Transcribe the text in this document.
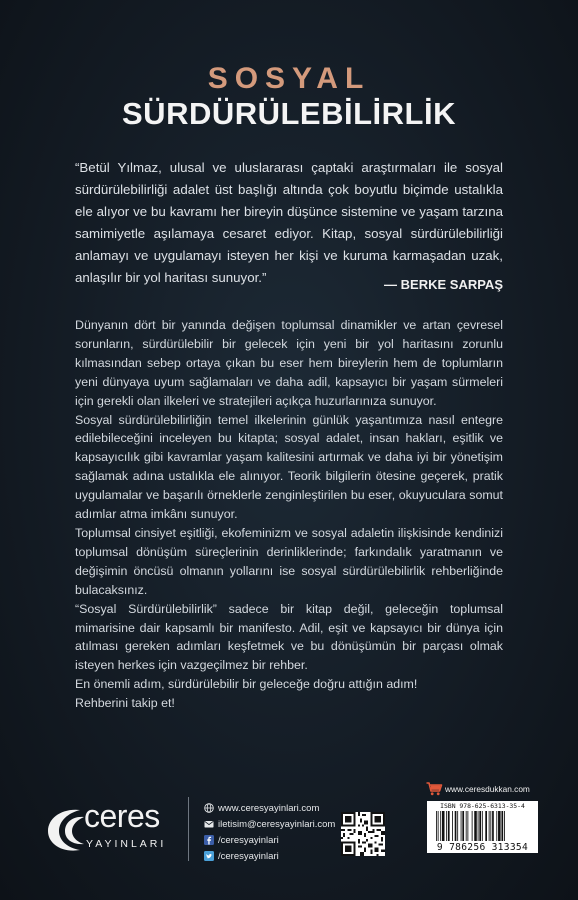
SOSYAL
SÜRDÜRÜLEBİLİRLİK
“Betül Yılmaz, ulusal ve uluslararası çaptaki araştırmaları ile sosyal sürdürülebilirliği adalet üst başlığı altında çok boyutlu biçimde ustalıkla ele alıyor ve bu kavramı her bireyin düşünce sistemine ve yaşam tarzına samimiyetle aşılamaya cesaret ediyor. Kitap, sosyal sürdürülebilirliği anlamayı ve uygulamayı isteyen her kişi ve kuruma karmaşadan uzak, anlaşılır bir yol haritası sunuyor.”	— BERKE SARPAŞ

Dünyanın dört bir yanında değişen toplumsal dinamikler ve artan çevresel sorunların, sürdürülebilir bir gelecek için yeni bir yol haritasını zorunlu kılmasından sebep ortaya çıkan bu eser hem bireylerin hem de toplumların yeni dünyaya uyum sağlamaları ve daha adil, kapsayıcı bir yaşam sürmeleri için gerekli olan ilkeleri ve stratejileri açıkça huzurlarınıza sunuyor.

Sosyal sürdürülebilirliğin temel ilkelerinin günlük yaşantımıza nasıl entegre edilebileceğini inceleyen bu kitapta; sosyal adalet, insan hakları, eşitlik ve kapsayıcılık gibi kavramlar yaşam kalitesini artırmak ve daha iyi bir yönetişim sağlamak adına ustalıkla ele alınıyor. Teorik bilgilerin ötesine geçerek, pratik uygulamalar ve başarılı örneklerle zenginleştirilen bu eser, okuyuculara somut adımlar atma imkânı sunuyor.

Toplumsal cinsiyet eşitliği, ekofeminizm ve sosyal adaletin ilişkisinde kendinizi toplumsal dönüşüm süreçlerinin derinliklerinde; farkındalık yaratmanın ve değişimin öncüsü olmanın yollarını ise sosyal sürdürülebilirlik rehberliğinde bulacaksınız.

“Sosyal Sürdürülebilirlik” sadece bir kitap değil, geleceğin toplumsal mimarisine dair kapsamlı bir manifesto. Adil, eşit ve kapsayıcı bir dünya için atılması gereken adımları keşfetmek ve bu dönüşümün bir parçası olmak isteyen herkes için vazgeçilmez bir rehber.

En önemli adım, sürdürülebilir bir geleceğe doğru attığın adım!

Rehberini takip et!

ceres
YAYINLARI
www.ceresyayinlari.com
iletisim@ceresyayinlari.com
/ceresyayinlari
/ceresyayinlari
www.ceresdukkan.com
ISBN 978-625-6313-35-4
9 786256 313354
